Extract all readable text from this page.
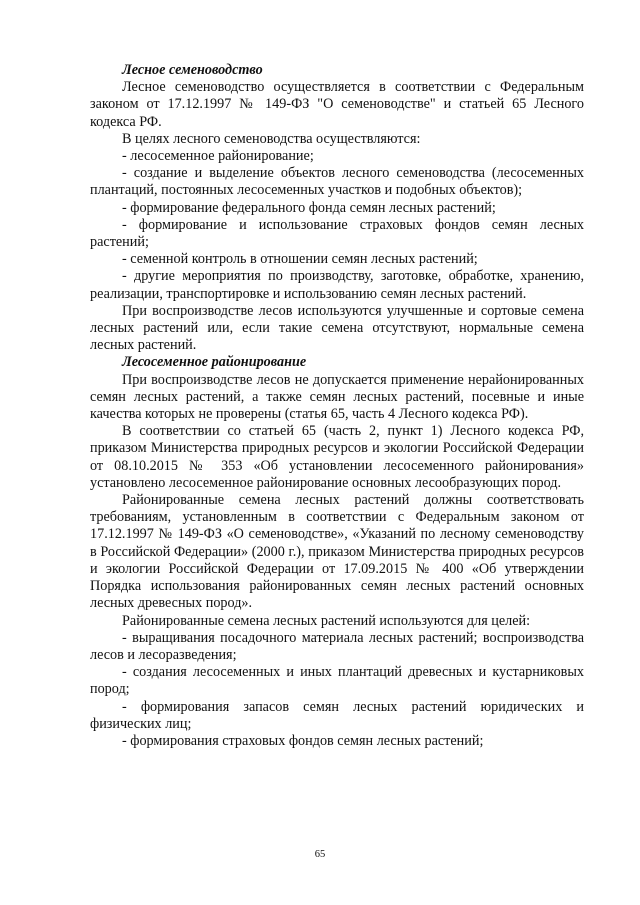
Лесное семеноводство

Лесное семеноводство осуществляется в соответствии с Федеральным законом от 17.12.1997 № 149-ФЗ "О семеноводстве" и статьей 65 Лесного кодекса РФ.

В целях лесного семеноводства осуществляются:

- лесосеменное районирование;

- создание и выделение объектов лесного семеноводства (лесосеменных плантаций, постоянных лесосеменных участков и подобных объектов);

- формирование федерального фонда семян лесных растений;

- формирование и использование страховых фондов семян лесных растений;

- семенной контроль в отношении семян лесных растений;

- другие мероприятия по производству, заготовке, обработке, хранению, реализации, транспортировке и использованию семян лесных растений.

При воспроизводстве лесов используются улучшенные и сортовые семена лесных растений или, если такие семена отсутствуют, нормальные семена лесных растений.

Лесосеменное районирование

При воспроизводстве лесов не допускается применение нерайонированных семян лесных растений, а также семян лесных растений, посевные и иные качества которых не проверены (статья 65, часть 4 Лесного кодекса РФ).

В соответствии со статьей 65 (часть 2, пункт 1) Лесного кодекса РФ, приказом Министерства природных ресурсов и экологии Российской Федерации от 08.10.2015 № 353 «Об установлении лесосеменного районирования» установлено лесосеменное районирование основных лесообразующих пород.

Районированные семена лесных растений должны соответствовать требованиям, установленным в соответствии с Федеральным законом от 17.12.1997 № 149-ФЗ «О семеноводстве», «Указаний по лесному семеноводству в Российской Федерации» (2000 г.), приказом Министерства природных ресурсов и экологии Российской Федерации от 17.09.2015 № 400 «Об утверждении Порядка использования районированных семян лесных растений основных лесных древесных пород».

Районированные семена лесных растений используются для целей:

- выращивания посадочного материала лесных растений; воспроизводства лесов и лесоразведения;

- создания лесосеменных и иных плантаций древесных и кустарниковых пород;

- формирования запасов семян лесных растений юридических и физических лиц;

- формирования страховых фондов семян лесных растений;

65
